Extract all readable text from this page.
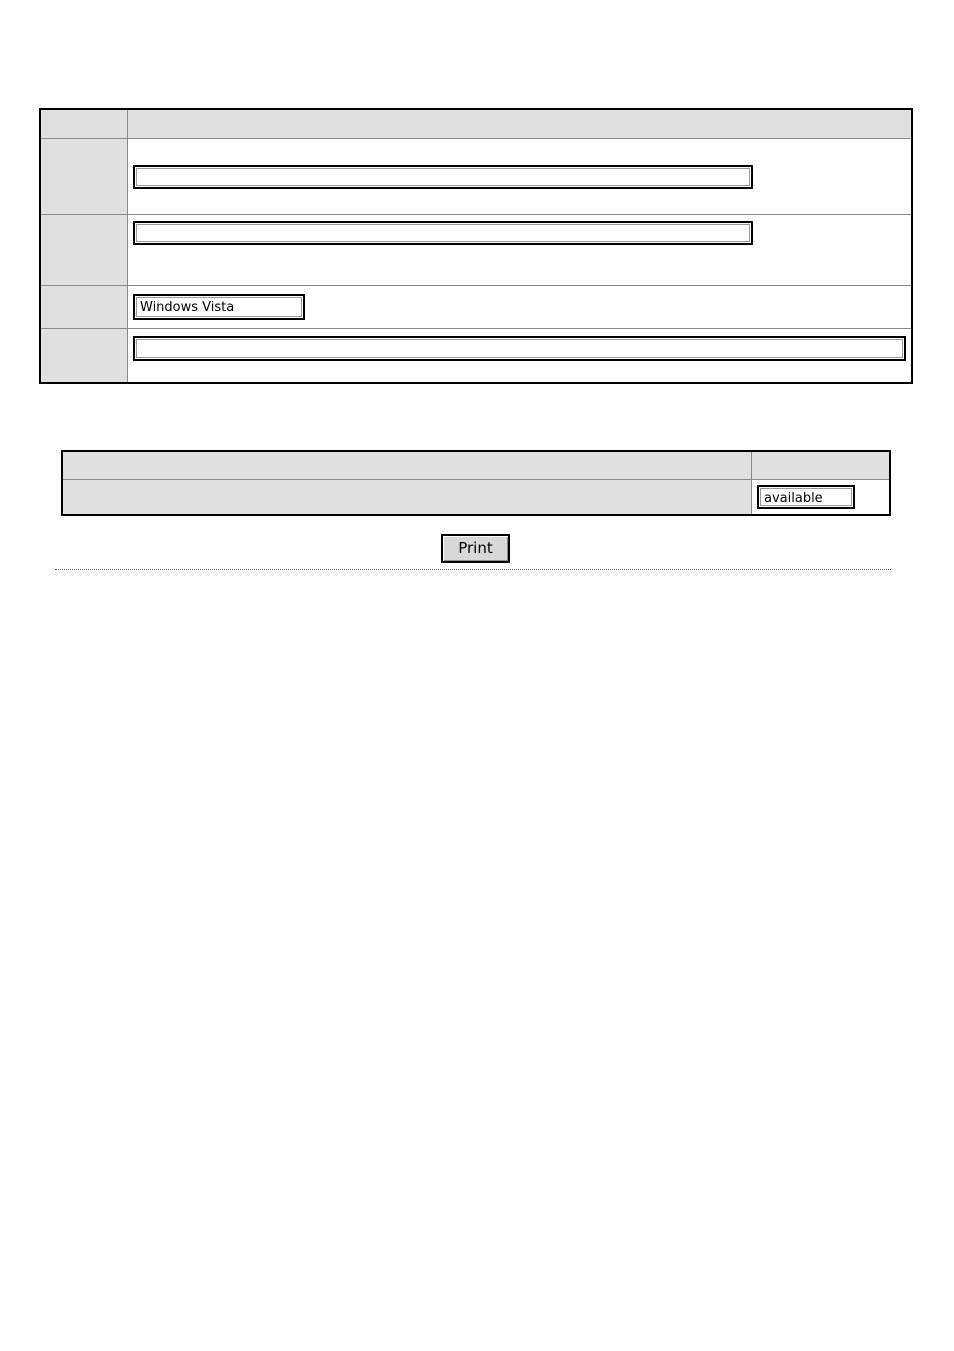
Windows Vista
available
Print
